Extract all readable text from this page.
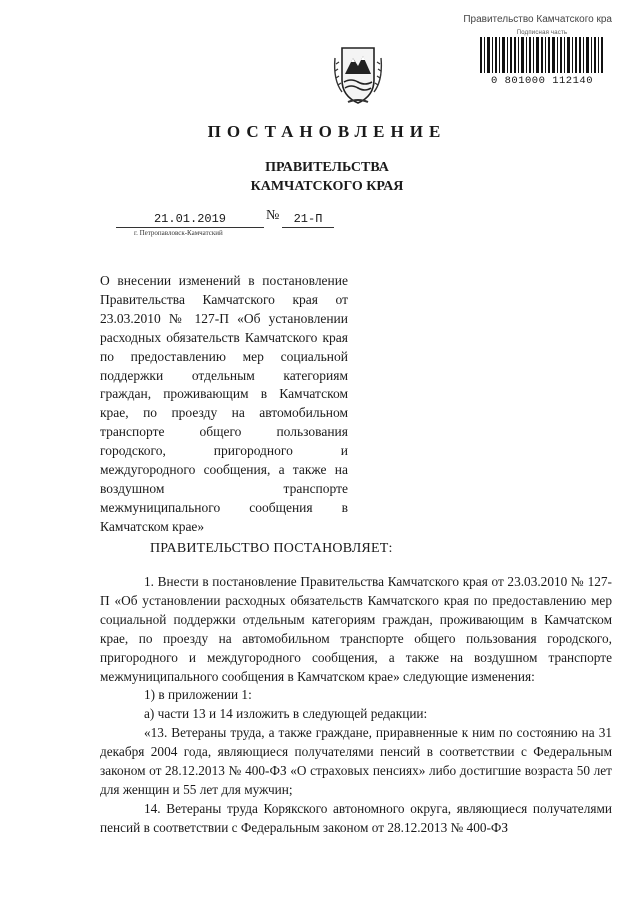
Правительство Камчатского кра
Подписная часть
0 801000 112140
ПОСТАНОВЛЕНИЕ
ПРАВИТЕЛЬСТВА
КАМЧАТСКОГО КРАЯ
21.01.2019	№	21-П
г. Петропавловск-Камчатский

О внесении изменений в постановление Правительства Камчатского края от 23.03.2010 № 127-П «Об установлении расходных обязательств Камчатского края по предоставлению мер социальной поддержки отдельным категориям граждан, проживающим в Камчатском крае, по проезду на автомобильном транспорте общего пользования городского, пригородного и междугородного сообщения, а также на воздушном транспорте межмуниципального сообщения в Камчатском крае»

ПРАВИТЕЛЬСТВО ПОСТАНОВЛЯЕТ:

1. Внести в постановление Правительства Камчатского края от 23.03.2010 № 127-П «Об установлении расходных обязательств Камчатского края по предоставлению мер социальной поддержки отдельным категориям граждан, проживающим в Камчатском крае, по проезду на автомобильном транспорте общего пользования городского, пригородного и междугородного сообщения, а также на воздушном транспорте межмуниципального сообщения в Камчатском крае» следующие изменения:

1) в приложении 1:

а) части 13 и 14 изложить в следующей редакции:

«13. Ветераны труда, а также граждане, приравненные к ним по состоянию на 31 декабря 2004 года, являющиеся получателями пенсий в соответствии с Федеральным законом от 28.12.2013 № 400-ФЗ «О страховых пенсиях» либо достигшие возраста 50 лет для женщин и 55 лет для мужчин;

14. Ветераны труда Корякского автономного округа, являющиеся получателями пенсий в соответствии с Федеральным законом от 28.12.2013 № 400-ФЗ
